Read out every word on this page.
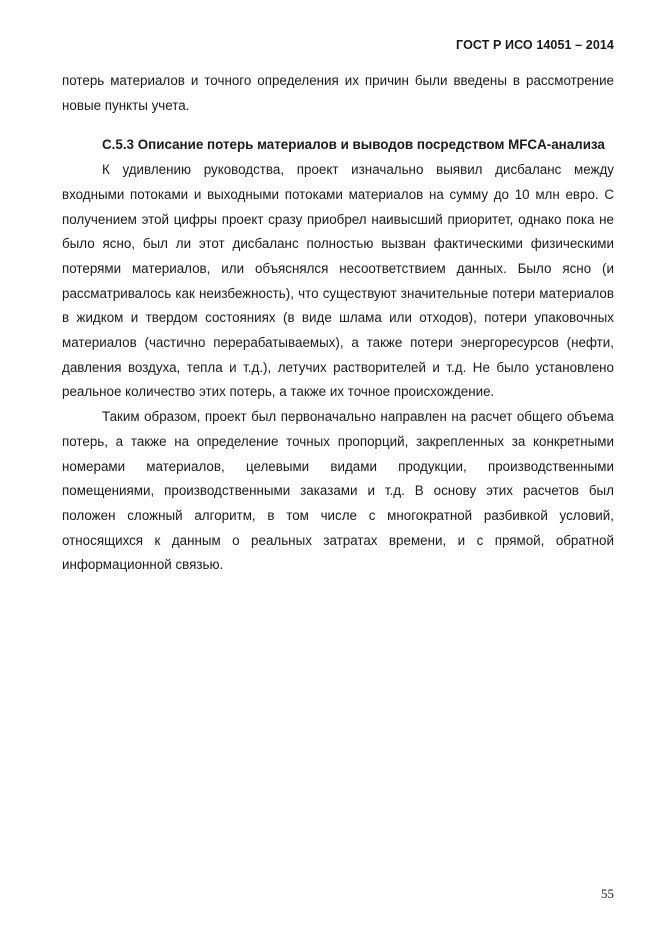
ГОСТ Р ИСО 14051 – 2014

потерь материалов и точного определения их причин были введены в рассмотрение новые пункты учета.

С.5.3 Описание потерь материалов и выводов посредством MFCA-анализа

К удивлению руководства, проект изначально выявил дисбаланс между входными потоками и выходными потоками материалов на сумму до 10 млн евро. С получением этой цифры проект сразу приобрел наивысший приоритет, однако пока не было ясно, был ли этот дисбаланс полностью вызван фактическими физическими потерями материалов, или объяснялся несоответствием данных. Было ясно (и рассматривалось как неизбежность), что существуют значительные потери материалов в жидком и твердом состояниях (в виде шлама или отходов), потери упаковочных материалов (частично перерабатываемых), а также потери энергоресурсов (нефти, давления воздуха, тепла и т.д.), летучих растворителей и т.д. Не было установлено реальное количество этих потерь, а также их точное происхождение.

Таким образом, проект был первоначально направлен на расчет общего объема потерь, а также на определение точных пропорций, закрепленных за конкретными номерами материалов, целевыми видами продукции, производственными помещениями, производственными заказами и т.д. В основу этих расчетов был положен сложный алгоритм, в том числе с многократной разбивкой условий, относящихся к данным о реальных затратах времени, и с прямой, обратной информационной связью.

55
